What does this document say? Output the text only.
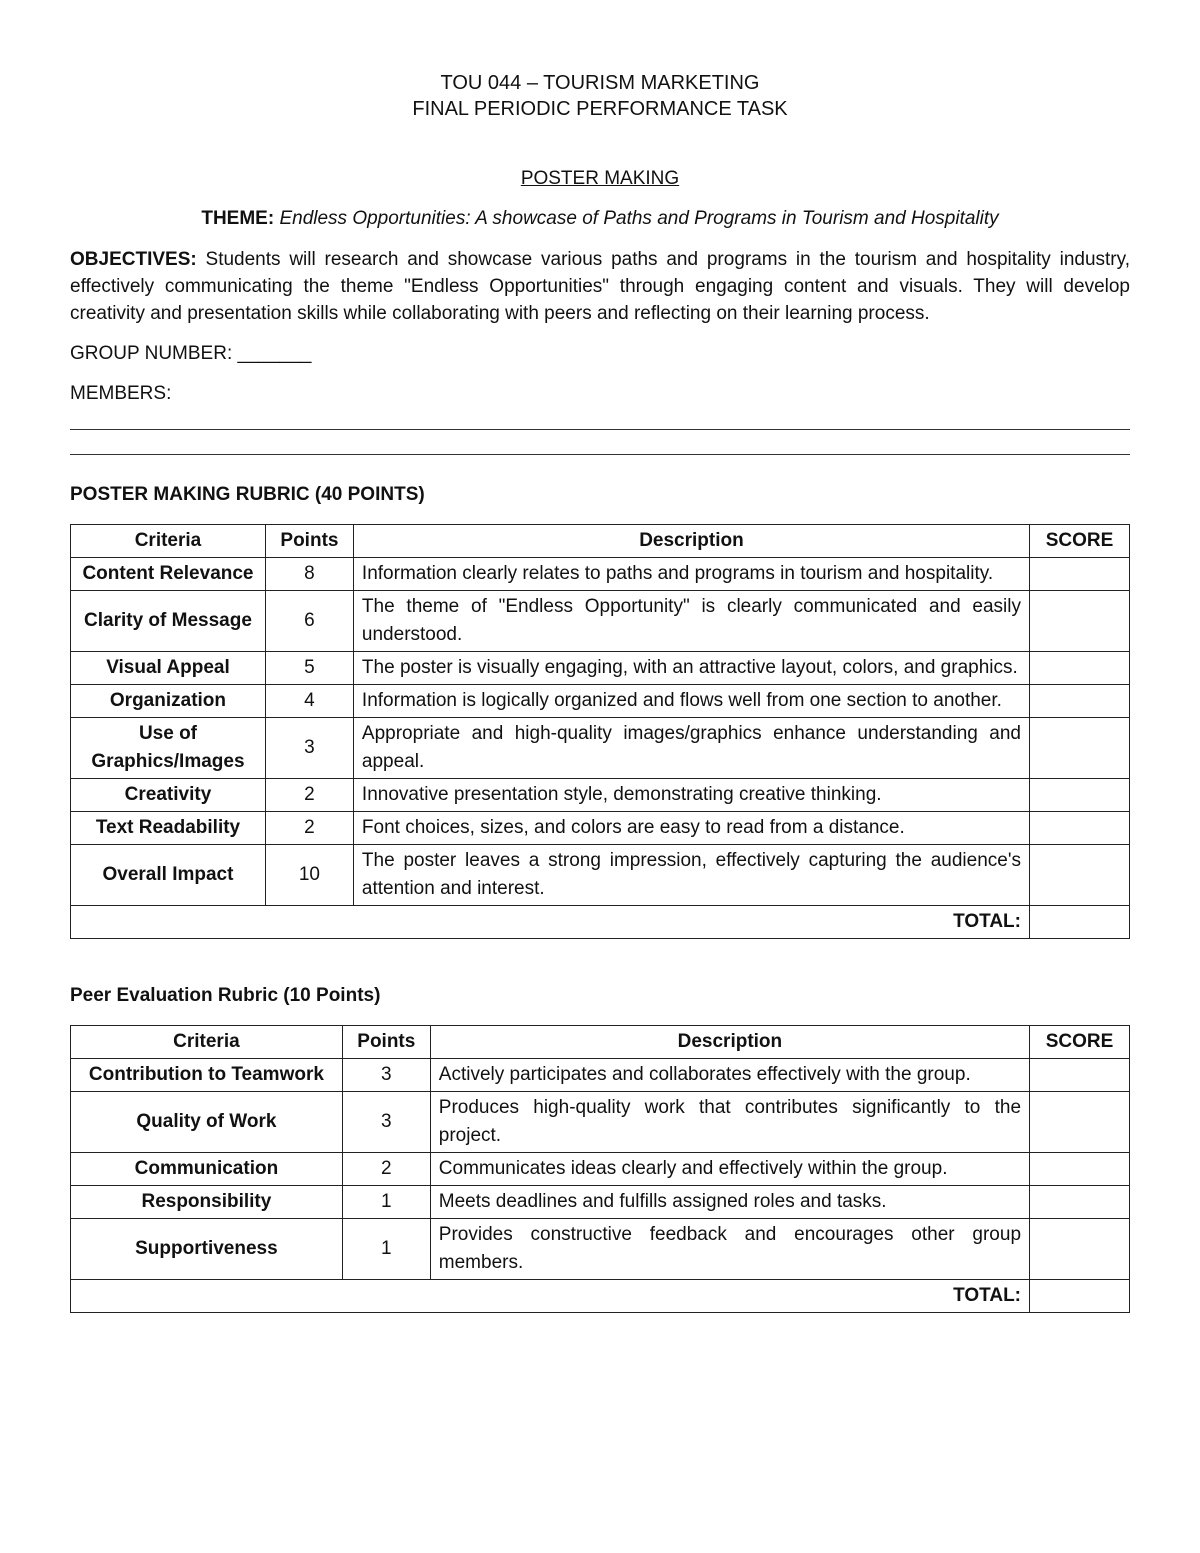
TOU 044 – TOURISM MARKETING
FINAL PERIODIC PERFORMANCE TASK
POSTER MAKING
THEME: Endless Opportunities: A showcase of Paths and Programs in Tourism and Hospitality
OBJECTIVES: Students will research and showcase various paths and programs in the tourism and hospitality industry, effectively communicating the theme "Endless Opportunities" through engaging content and visuals. They will develop creativity and presentation skills while collaborating with peers and reflecting on their learning process.
GROUP NUMBER: _______
MEMBERS:
POSTER MAKING RUBRIC (40 POINTS)
Criteria	Points	Description	SCORE
Content Relevance	8	Information clearly relates to paths and programs in tourism and hospitality.	
Clarity of Message	6	The theme of "Endless Opportunity" is clearly communicated and easily understood.	
Visual Appeal	5	The poster is visually engaging, with an attractive layout, colors, and graphics.	
Organization	4	Information is logically organized and flows well from one section to another.	
Use of Graphics/Images	3	Appropriate and high-quality images/graphics enhance understanding and appeal.	
Creativity	2	Innovative presentation style, demonstrating creative thinking.	
Text Readability	2	Font choices, sizes, and colors are easy to read from a distance.	
Overall Impact	10	The poster leaves a strong impression, effectively capturing the audience's attention and interest.	
TOTAL:			
Peer Evaluation Rubric (10 Points)
Criteria	Points	Description	SCORE
Contribution to Teamwork	3	Actively participates and collaborates effectively with the group.	
Quality of Work	3	Produces high-quality work that contributes significantly to the project.	
Communication	2	Communicates ideas clearly and effectively within the group.	
Responsibility	1	Meets deadlines and fulfills assigned roles and tasks.	
Supportiveness	1	Provides constructive feedback and encourages other group members.	
TOTAL:			
